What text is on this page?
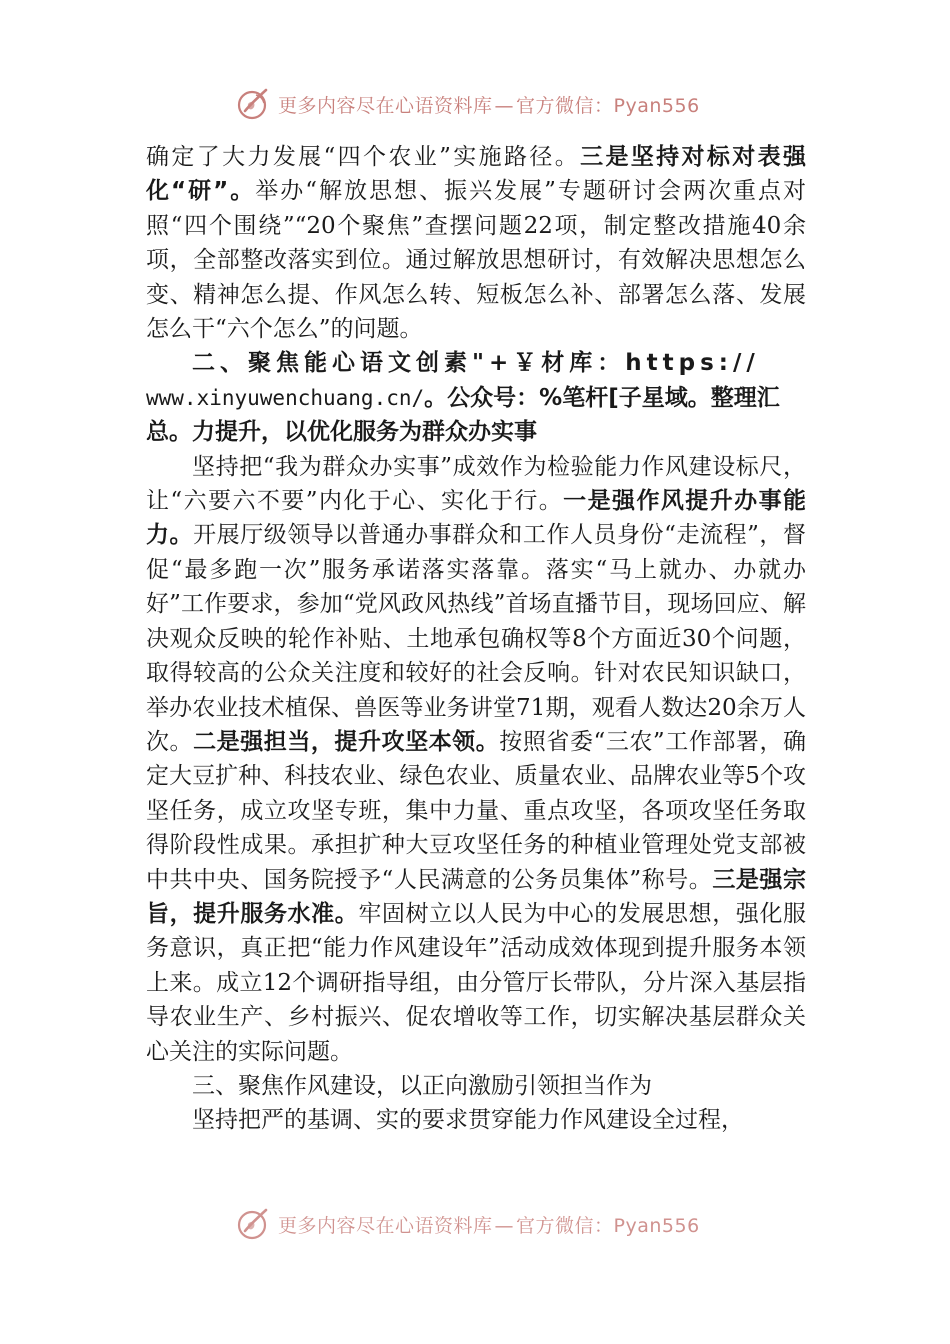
更多内容尽在心语资料库 — 官方微信：Pyan556

确定了大力发展“四个农业”实施路径。三是坚持对标对表强化“研”。举办“解放思想、振兴发展”专题研讨会两次重点对照“四个围绕”“20个聚焦”查摆问题22项，制定整改措施40余项，全部整改落实到位。通过解放思想研讨，有效解决思想怎么变、精神怎么提、作风怎么转、短板怎么补、部署怎么落、发展怎么干“六个怎么”的问题。

二、聚焦能心语文创素"+￥材库：https://
www.xinyuwenchuang.cn/。公众号：%笔杆[子星域。整理汇总。力提升，以优化服务为群众办实事

坚持把“我为群众办实事”成效作为检验能力作风建设标尺，让“六要六不要”内化于心、实化于行。一是强作风提升办事能力。开展厅级领导以普通办事群众和工作人员身份“走流程”，督促“最多跑一次”服务承诺落实落靠。落实“马上就办、办就办好”工作要求，参加“党风政风热线”首场直播节目，现场回应、解决观众反映的轮作补贴、土地承包确权等8个方面近30个问题，取得较高的公众关注度和较好的社会反响。针对农民知识缺口，举办农业技术植保、兽医等业务讲堂71期，观看人数达20余万人次。二是强担当，提升攻坚本领。按照省委“三农”工作部署，确定大豆扩种、科技农业、绿色农业、质量农业、品牌农业等5个攻坚任务，成立攻坚专班，集中力量、重点攻坚，各项攻坚任务取得阶段性成果。承担扩种大豆攻坚任务的种植业管理处党支部被中共中央、国务院授予“人民满意的公务员集体”称号。三是强宗旨，提升服务水准。牢固树立以人民为中心的发展思想，强化服务意识，真正把“能力作风建设年”活动成效体现到提升服务本领上来。成立12个调研指导组，由分管厅长带队，分片深入基层指导农业生产、乡村振兴、促农增收等工作，切实解决基层群众关心关注的实际问题。

三、聚焦作风建设，以正向激励引领担当作为

坚持把严的基调、实的要求贯穿能力作风建设全过程，

更多内容尽在心语资料库 — 官方微信：Pyan556
